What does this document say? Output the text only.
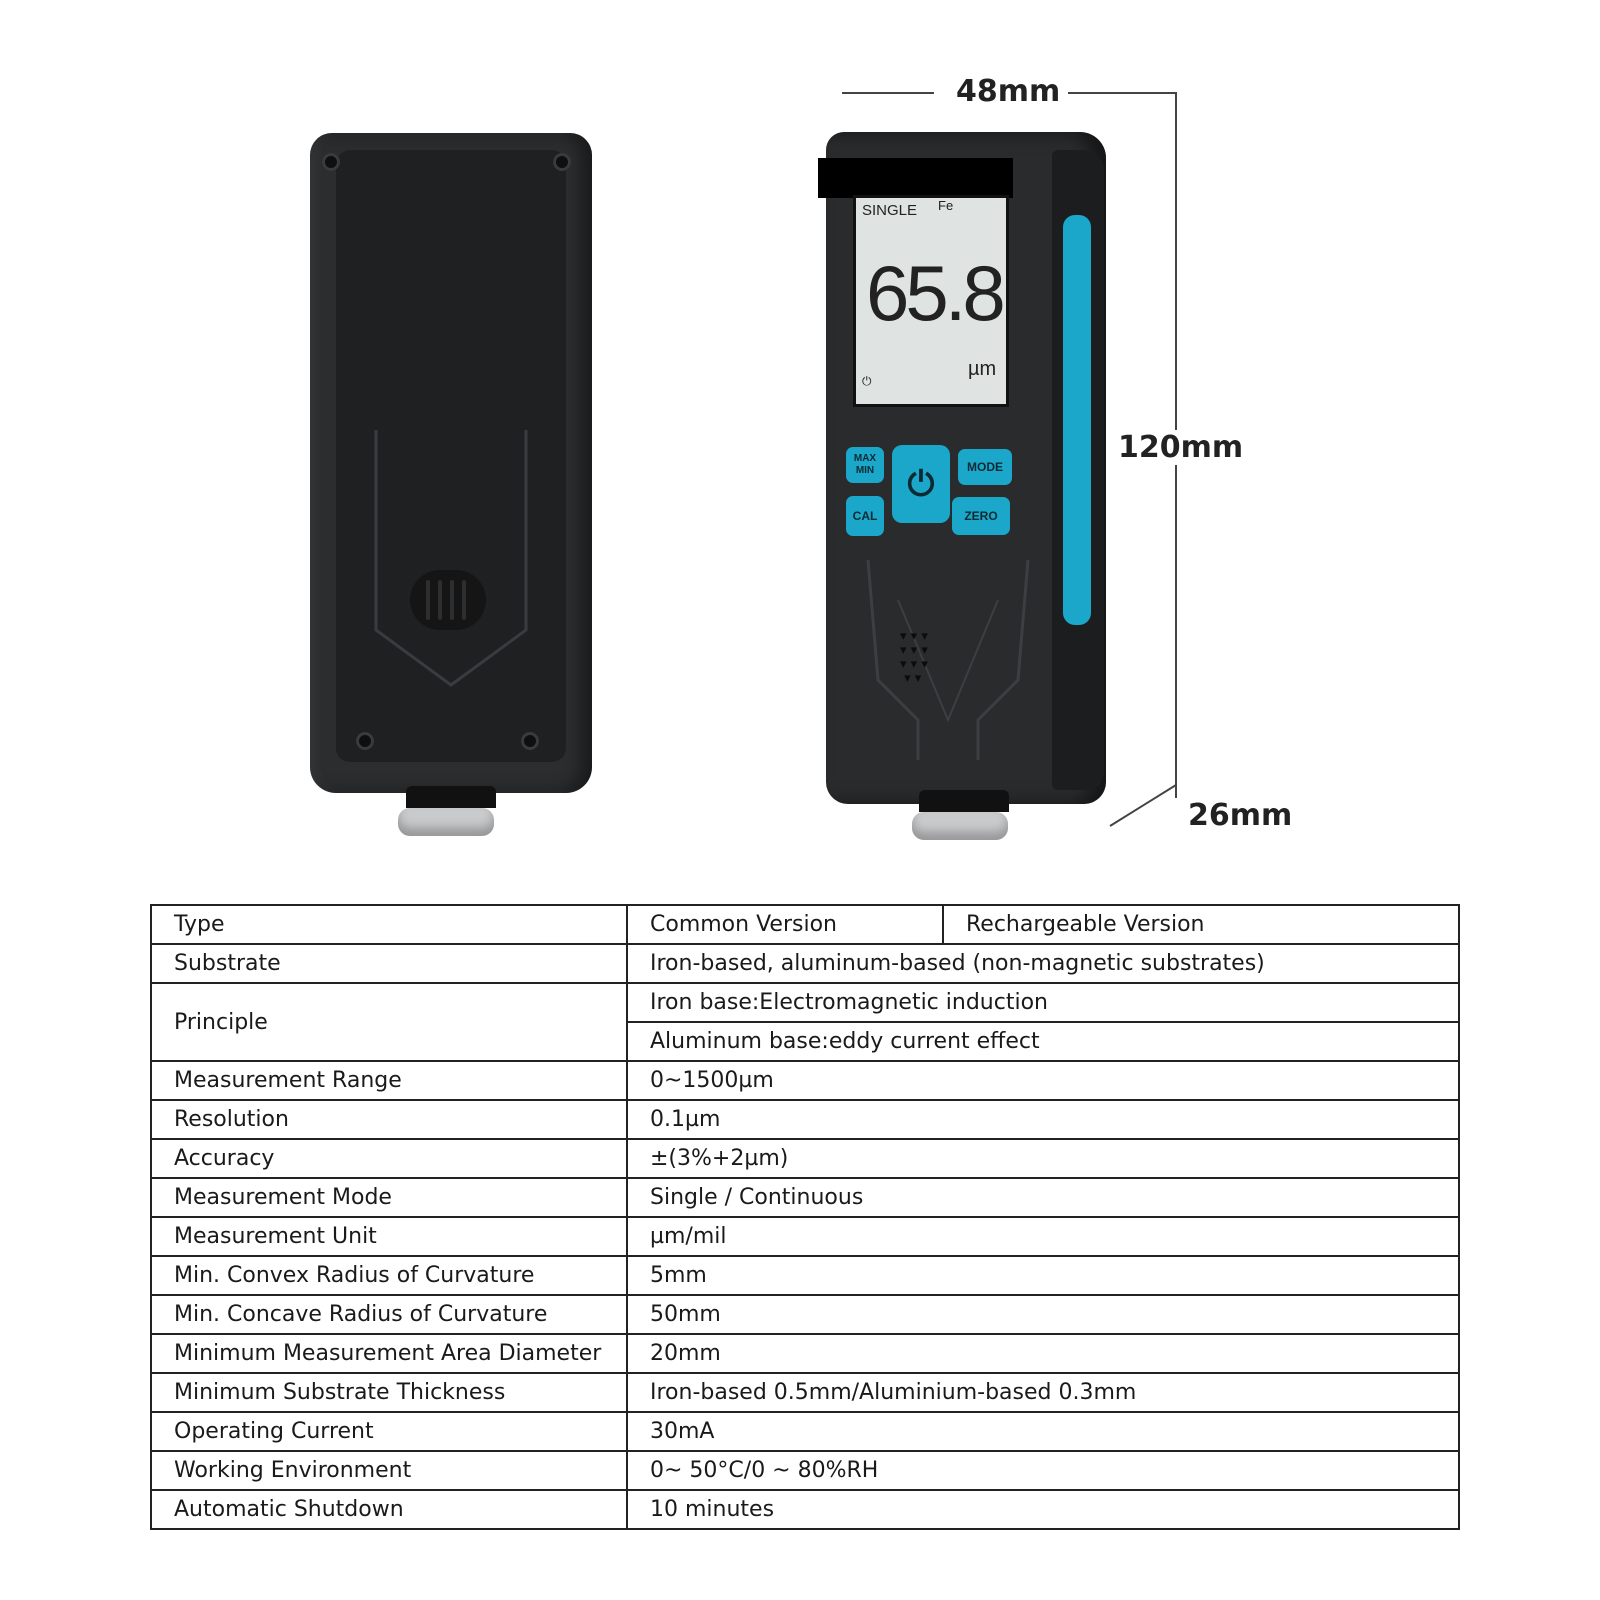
SINGLE Fe
65.8
µm
⏻
MAX
MIN ⏻	MODE
CAL	ZERO
▾ ▾ ▾
▾ ▾ ▾
▾ ▾ ▾
▾ ▾
48mm
120mm
26mm
Type	Common Version	Rechargeable Version
Substrate	Iron-based, aluminum-based (non-magnetic substrates)	
Principle	Iron base:Electromagnetic induction	
	Aluminum base:eddy current effect	
Measurement Range	0~1500µm	
Resolution	0.1µm	
Accuracy	±(3%+2µm)	
Measurement Mode	Single / Continuous	
Measurement Unit	µm/mil	
Min. Convex Radius of Curvature	5mm	
Min. Concave Radius of Curvature	50mm	
Minimum Measurement Area Diameter	20mm	
Minimum Substrate Thickness	Iron-based 0.5mm/Aluminium-based 0.3mm	
Operating Current	30mA	
Working Environment	0~ 50°C/0 ~ 80%RH	
Automatic Shutdown	10 minutes	
